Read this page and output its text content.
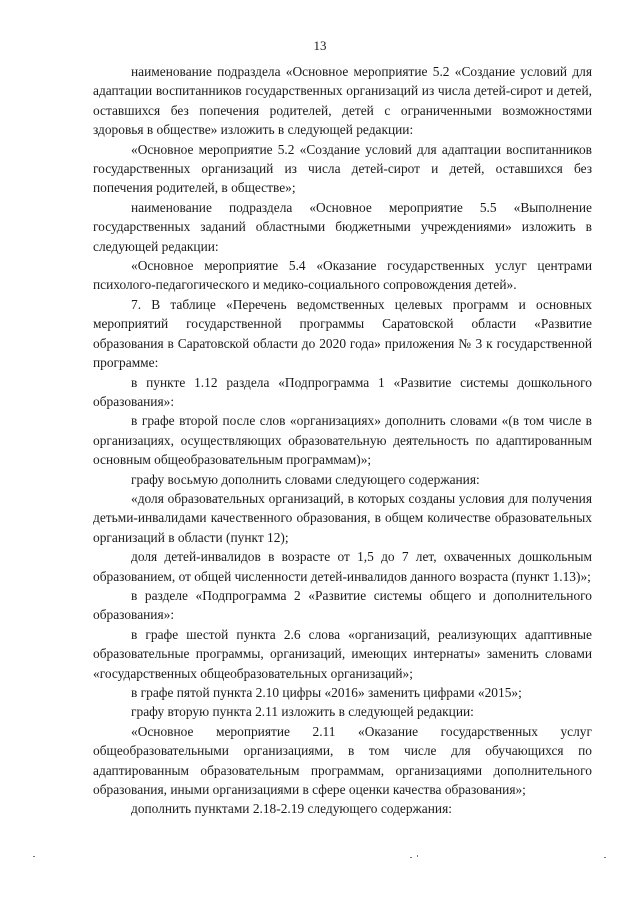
13

наименование подраздела «Основное мероприятие 5.2 «Создание условий для адаптации воспитанников государственных организаций из числа детей-сирот и детей, оставшихся без попечения родителей, детей с ограниченными возможностями здоровья в обществе» изложить в следующей редакции:

«Основное мероприятие 5.2 «Создание условий для адаптации воспитанников государственных организаций из числа детей-сирот и детей, оставшихся без попечения родителей, в обществе»;

наименование подраздела «Основное мероприятие 5.5 «Выполнение государственных заданий областными бюджетными учреждениями» изложить в следующей редакции:

«Основное мероприятие 5.4 «Оказание государственных услуг центрами психолого-педагогического и медико-социального сопровождения детей».

7. В таблице «Перечень ведомственных целевых программ и основных мероприятий государственной программы Саратовской области «Развитие образования в Саратовской области до 2020 года» приложения № 3 к государственной программе:

в пункте 1.12 раздела «Подпрограмма 1 «Развитие системы дошкольного образования»:

в графе второй после слов «организациях» дополнить словами «(в том числе в организациях, осуществляющих образовательную деятельность по адаптированным основным общеобразовательным программам)»;

графу восьмую дополнить словами следующего содержания:

«доля образовательных организаций, в которых созданы условия для получения детьми-инвалидами качественного образования, в общем количестве образовательных организаций в области (пункт 12);

доля детей-инвалидов в возрасте от 1,5 до 7 лет, охваченных дошкольным образованием, от общей численности детей-инвалидов данного возраста (пункт 1.13)»;

в разделе «Подпрограмма 2 «Развитие системы общего и дополнительного образования»:

в графе шестой пункта 2.6 слова «организаций, реализующих адаптивные образовательные программы, организаций, имеющих интернаты» заменить словами «государственных общеобразовательных организаций»;

в графе пятой пункта 2.10 цифры «2016» заменить цифрами «2015»;

графу вторую пункта 2.11 изложить в следующей редакции:

«Основное мероприятие 2.11 «Оказание государственных услуг общеобразовательными организациями, в том числе для обучающихся по адаптированным образовательным программам, организациями дополнительного образования, иными организациями в сфере оценки качества образования»;

дополнить пунктами 2.18-2.19 следующего содержания:
